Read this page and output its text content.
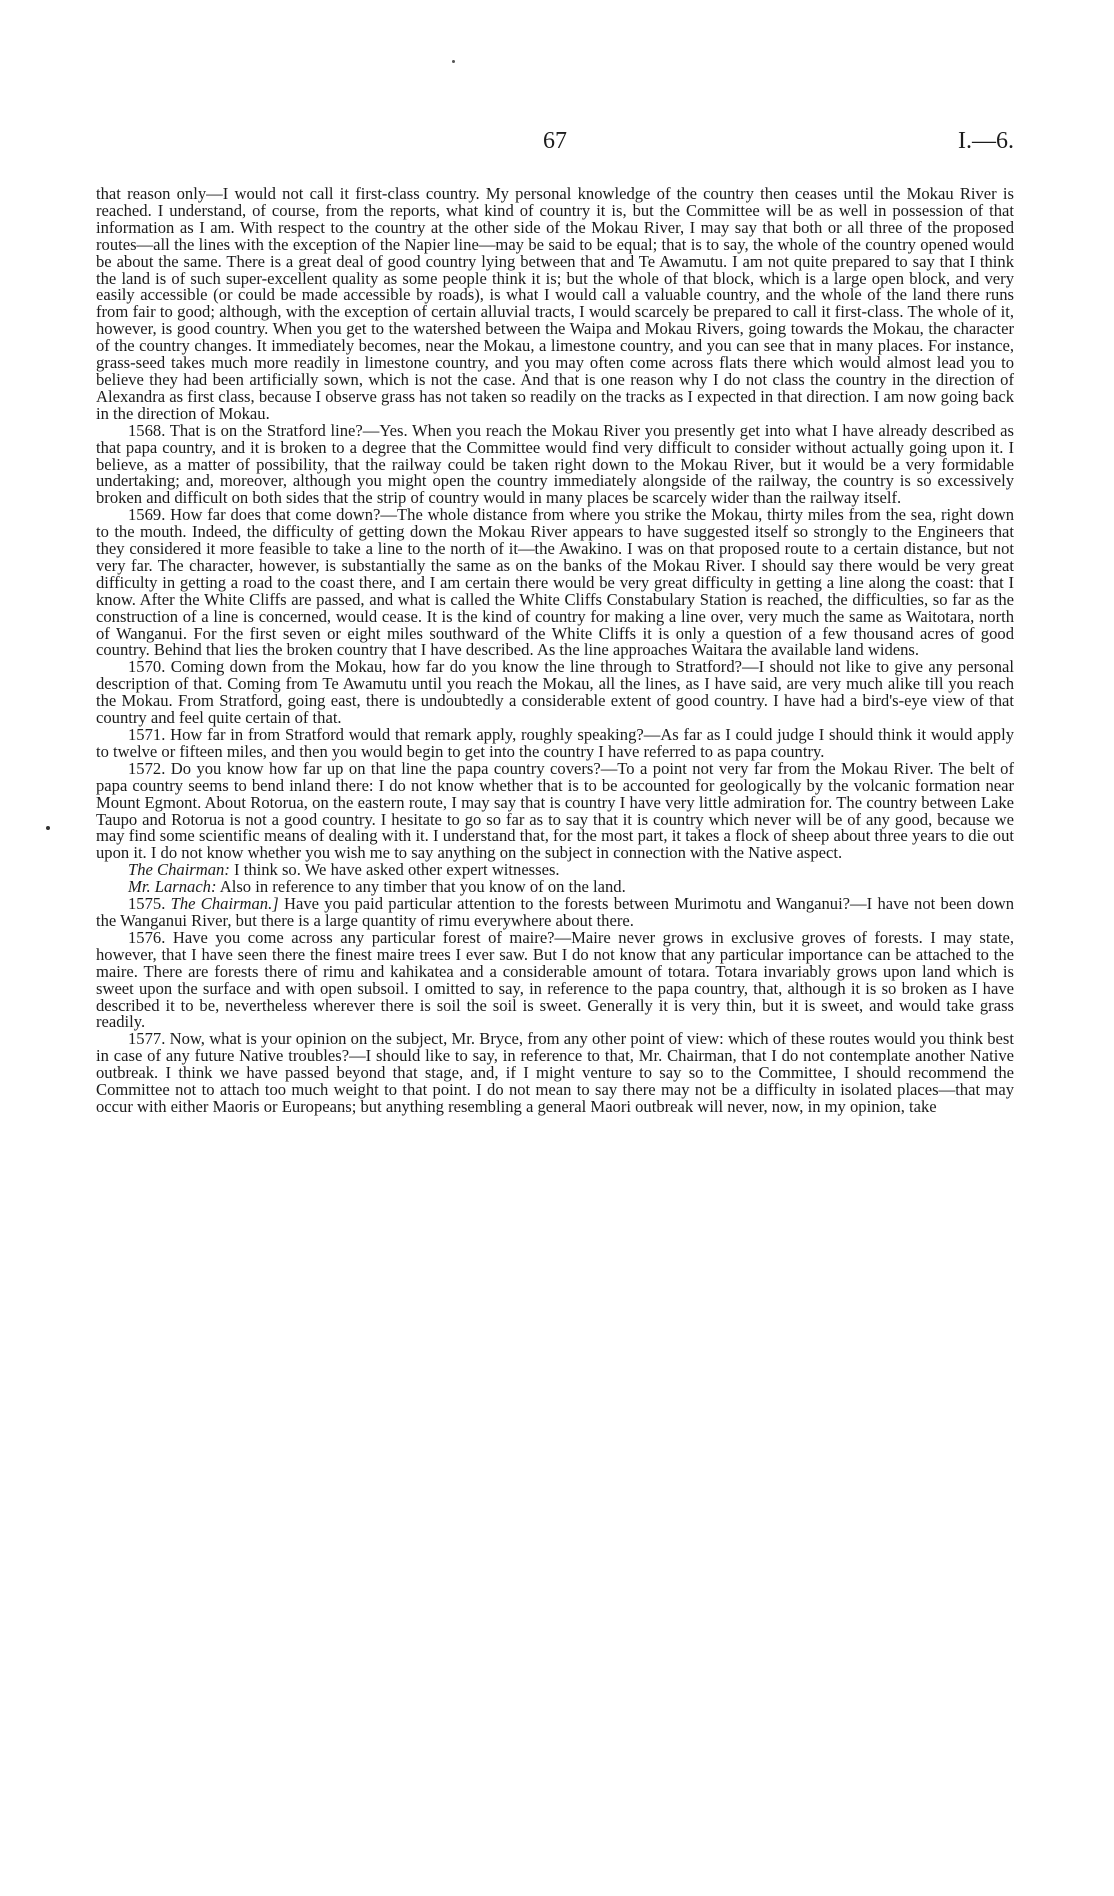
67	I.—6.

that reason only—I would not call it first-class country. My personal knowledge of the country then ceases until the Mokau River is reached. I understand, of course, from the reports, what kind of country it is, but the Committee will be as well in possession of that information as I am. With respect to the country at the other side of the Mokau River, I may say that both or all three of the proposed routes—all the lines with the exception of the Napier line—may be said to be equal; that is to say, the whole of the country opened would be about the same. There is a great deal of good country lying between that and Te Awamutu. I am not quite prepared to say that I think the land is of such super-excellent quality as some people think it is; but the whole of that block, which is a large open block, and very easily accessible (or could be made accessible by roads), is what I would call a valuable country, and the whole of the land there runs from fair to good; although, with the exception of certain alluvial tracts, I would scarcely be prepared to call it first-class. The whole of it, however, is good country. When you get to the watershed between the Waipa and Mokau Rivers, going towards the Mokau, the character of the country changes. It immediately becomes, near the Mokau, a limestone country, and you can see that in many places. For instance, grass-seed takes much more readily in limestone country, and you may often come across flats there which would almost lead you to believe they had been artificially sown, which is not the case. And that is one reason why I do not class the country in the direction of Alexandra as first class, because I observe grass has not taken so readily on the tracks as I expected in that direction. I am now going back in the direction of Mokau.

1568. That is on the Stratford line?—Yes. When you reach the Mokau River you presently get into what I have already described as that papa country, and it is broken to a degree that the Committee would find very difficult to consider without actually going upon it. I believe, as a matter of possibility, that the railway could be taken right down to the Mokau River, but it would be a very formidable undertaking; and, moreover, although you might open the country immediately alongside of the railway, the country is so excessively broken and difficult on both sides that the strip of country would in many places be scarcely wider than the railway itself.

1569. How far does that come down?—The whole distance from where you strike the Mokau, thirty miles from the sea, right down to the mouth. Indeed, the difficulty of getting down the Mokau River appears to have suggested itself so strongly to the Engineers that they considered it more feasible to take a line to the north of it—the Awakino. I was on that proposed route to a certain distance, but not very far. The character, however, is substantially the same as on the banks of the Mokau River. I should say there would be very great difficulty in getting a road to the coast there, and I am certain there would be very great difficulty in getting a line along the coast: that I know. After the White Cliffs are passed, and what is called the White Cliffs Constabulary Station is reached, the difficulties, so far as the construction of a line is concerned, would cease. It is the kind of country for making a line over, very much the same as Waitotara, north of Wanganui. For the first seven or eight miles southward of the White Cliffs it is only a question of a few thousand acres of good country. Behind that lies the broken country that I have described. As the line approaches Waitara the available land widens.

1570. Coming down from the Mokau, how far do you know the line through to Stratford?—I should not like to give any personal description of that. Coming from Te Awamutu until you reach the Mokau, all the lines, as I have said, are very much alike till you reach the Mokau. From Stratford, going east, there is undoubtedly a considerable extent of good country. I have had a bird's-eye view of that country and feel quite certain of that.

1571. How far in from Stratford would that remark apply, roughly speaking?—As far as I could judge I should think it would apply to twelve or fifteen miles, and then you would begin to get into the country I have referred to as papa country.

1572. Do you know how far up on that line the papa country covers?—To a point not very far from the Mokau River. The belt of papa country seems to bend inland there: I do not know whether that is to be accounted for geologically by the volcanic formation near Mount Egmont. About Rotorua, on the eastern route, I may say that is country I have very little admiration for. The country between Lake Taupo and Rotorua is not a good country. I hesitate to go so far as to say that it is country which never will be of any good, because we may find some scientific means of dealing with it. I understand that, for the most part, it takes a flock of sheep about three years to die out upon it. I do not know whether you wish me to say anything on the subject in connection with the Native aspect.

The Chairman: I think so. We have asked other expert witnesses.

Mr. Larnach: Also in reference to any timber that you know of on the land.

1575. The Chairman.] Have you paid particular attention to the forests between Murimotu and Wanganui?—I have not been down the Wanganui River, but there is a large quantity of rimu everywhere about there.

1576. Have you come across any particular forest of maire?—Maire never grows in exclusive groves of forests. I may state, however, that I have seen there the finest maire trees I ever saw. But I do not know that any particular importance can be attached to the maire. There are forests there of rimu and kahikatea and a considerable amount of totara. Totara invariably grows upon land which is sweet upon the surface and with open subsoil. I omitted to say, in reference to the papa country, that, although it is so broken as I have described it to be, nevertheless wherever there is soil the soil is sweet. Generally it is very thin, but it is sweet, and would take grass readily.

1577. Now, what is your opinion on the subject, Mr. Bryce, from any other point of view: which of these routes would you think best in case of any future Native troubles?—I should like to say, in reference to that, Mr. Chairman, that I do not contemplate another Native outbreak. I think we have passed beyond that stage, and, if I might venture to say so to the Committee, I should recommend the Committee not to attach too much weight to that point. I do not mean to say there may not be a difficulty in isolated places—that may occur with either Maoris or Europeans; but anything resembling a general Maori outbreak will never, now, in my opinion, take
